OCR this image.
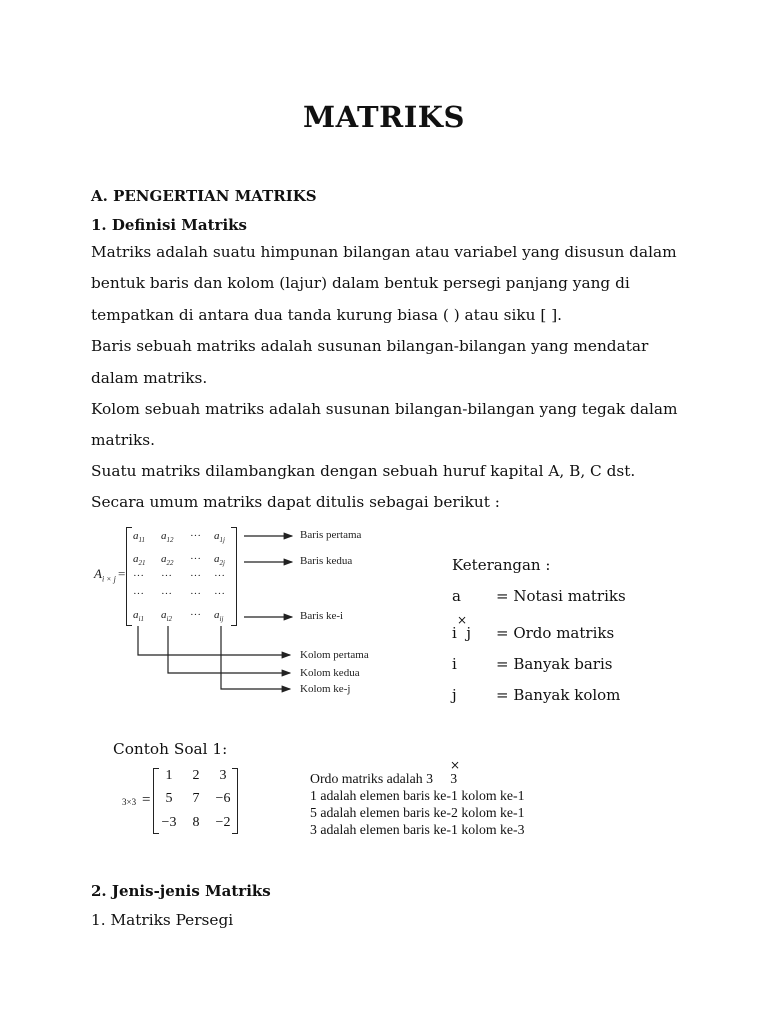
MATRIKS
A. PENGERTIAN MATRIKS
1. Definisi Matriks
Matriks adalah suatu himpunan bilangan atau variabel yang disusun dalam
bentuk baris dan kolom (lajur) dalam bentuk persegi panjang yang di
tempatkan di antara dua tanda kurung biasa ( ) atau siku [ ].
Baris sebuah matriks adalah susunan bilangan-bilangan yang mendatar
dalam matriks.
Kolom sebuah matriks adalah susunan bilangan-bilangan yang tegak dalam
matriks.
Suatu matriks dilambangkan dengan sebuah huruf kapital A, B, C dst.
Secara umum matriks dapat ditulis sebagai berikut :
$A_{i \times j}$ =
$a_{11}$ $a_{12}$ ··· $a_{1j}$
$a_{21}$ $a_{22}$ ··· $a_{2j}$
··· ··· ··· ···
··· ··· ··· ···
$a_{i1}$ $a_{i2}$ ··· $a_{ij}$
Baris pertama
Baris kedua
Baris ke-i
Kolom pertama
Kolom kedua
Kolom ke-j
Keterangan :
a = Notasi matriks
×
i  j = Ordo matriks
i	= Banyak baris
j	= Banyak kolom
Contoh Soal 1:
3×3 =
1	2	3
5	7	−6
−3	8	−2
×
Ordo matriks adalah 3     3
1 adalah elemen baris ke-1 kolom ke-1
5 adalah elemen baris ke-2 kolom ke-1
3 adalah elemen baris ke-1 kolom ke-3
2. Jenis-jenis Matriks
1. Matriks Persegi
